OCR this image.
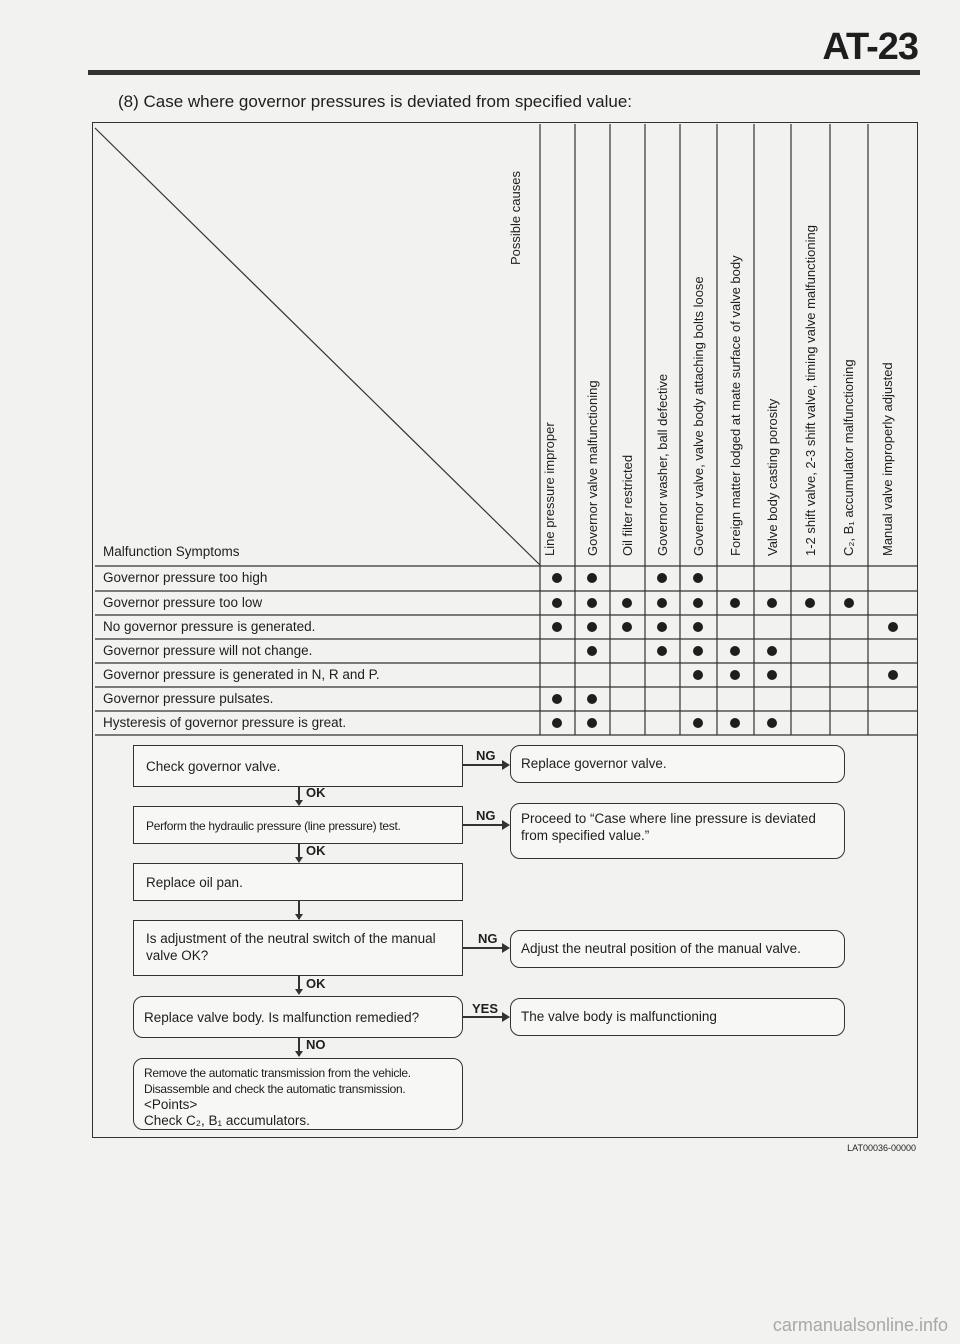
AT-23
(8) Case where governor pressures is deviated from specified value:
Possible causes
Line pressure improper Governor valve malfunctioning Oil filter restricted Governor washer, ball defective Governor valve, valve body attaching bolts loose Foreign matter lodged at mate surface of valve body Valve body casting porosity 1-2 shift valve, 2-3 shift valve, timing valve malfunctioning C₂, B₁ accumulator malfunctioning Manual valve improperly adjusted
Malfunction Symptoms
Governor pressure too high
Governor pressure too low
No governor pressure is generated.
Governor pressure will not change.
Governor pressure is generated in N, R and P.
Governor pressure pulsates.
Hysteresis of governor pressure is great.
Check governor valve.
NG
Replace governor valve.
OK
Perform the hydraulic pressure (line pressure) test.
NG	Proceed to “Case where line pressure is deviated from specified value.”
OK
Replace oil pan.
Is adjustment of the neutral switch of the manual valve OK?
NG
Adjust the neutral position of the manual valve.
OK
Replace valve body. Is malfunction remedied?
YES
The valve body is malfunctioning
NO
Remove the automatic transmission from the vehicle.
Disassemble and check the automatic transmission.
<Points>
Check C₂, B₁ accumulators.
LAT00036-00000
carmanualsonline.info
